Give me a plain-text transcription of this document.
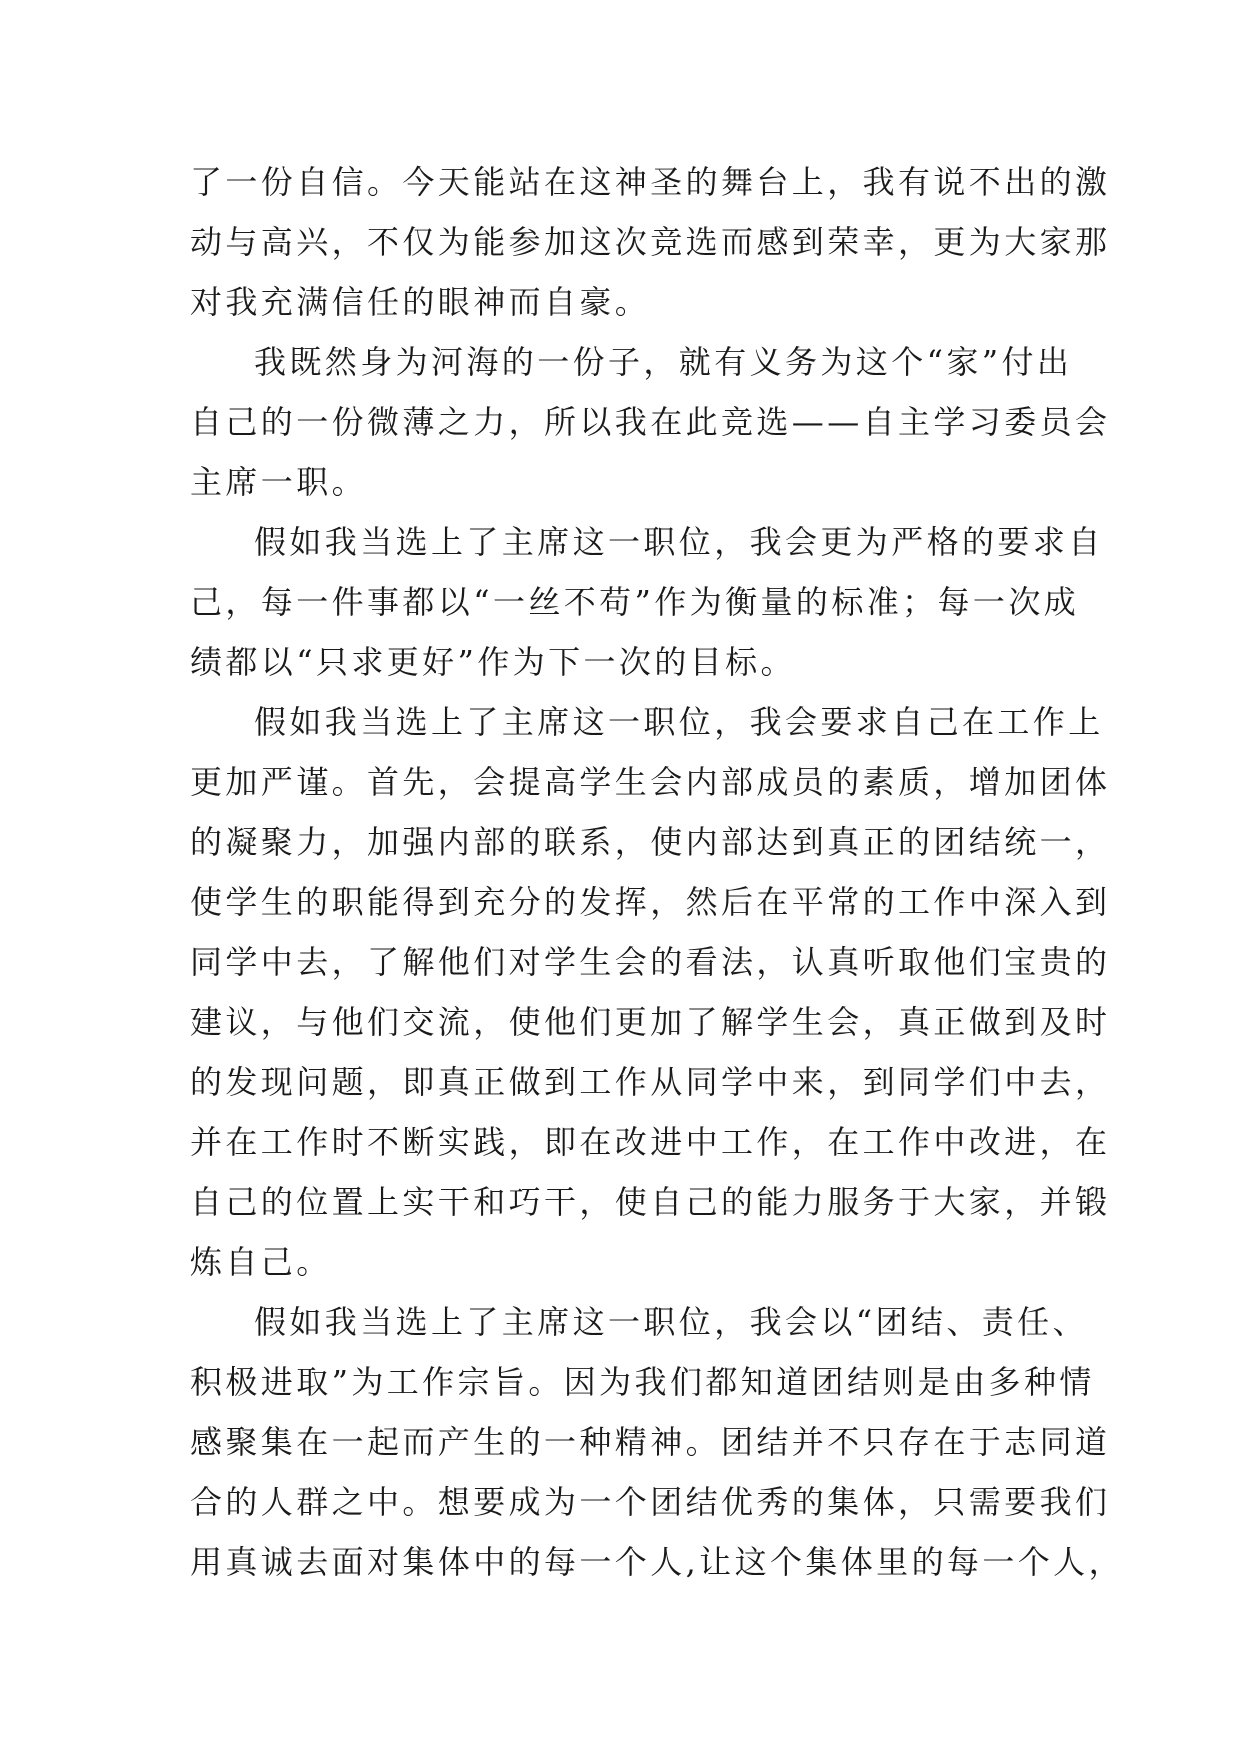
了一份自信。今天能站在这神圣的舞台上，我有说不出的激
动与高兴，不仅为能参加这次竞选而感到荣幸，更为大家那
对我充满信任的眼神而自豪。
我既然身为河海的一份子，就有义务为这个“家”付出
自己的一份微薄之力，所以我在此竞选——自主学习委员会
主席一职。
假如我当选上了主席这一职位，我会更为严格的要求自
己，每一件事都以“一丝不苟”作为衡量的标准；每一次成
绩都以“只求更好”作为下一次的目标。
假如我当选上了主席这一职位，我会要求自己在工作上
更加严谨。首先，会提高学生会内部成员的素质，增加团体
的凝聚力，加强内部的联系，使内部达到真正的团结统一，
使学生的职能得到充分的发挥，然后在平常的工作中深入到
同学中去，了解他们对学生会的看法，认真听取他们宝贵的
建议，与他们交流，使他们更加了解学生会，真正做到及时
的发现问题，即真正做到工作从同学中来，到同学们中去，
并在工作时不断实践，即在改进中工作，在工作中改进，在
自己的位置上实干和巧干，使自己的能力服务于大家，并锻
炼自己。
假如我当选上了主席这一职位，我会以“团结、责任、
积极进取”为工作宗旨。因为我们都知道团结则是由多种情
感聚集在一起而产生的一种精神。团结并不只存在于志同道
合的人群之中。想要成为一个团结优秀的集体，只需要我们
用真诚去面对集体中的每一个人,让这个集体里的每一个人，
